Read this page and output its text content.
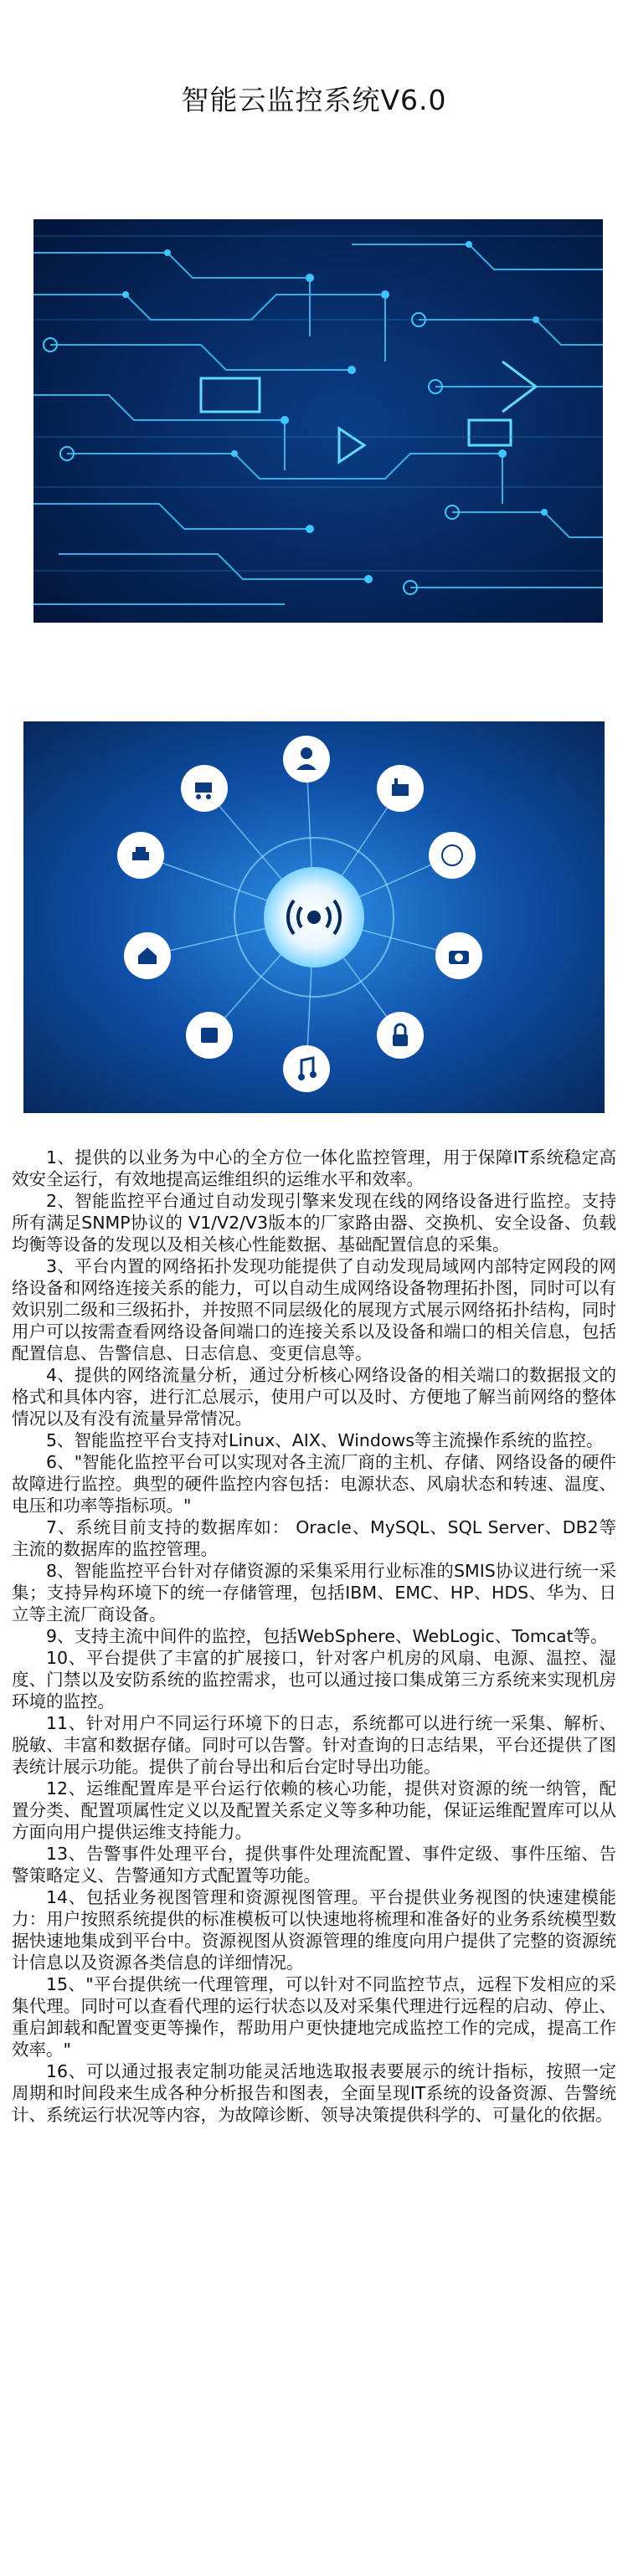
智能云监控系统V6.0

1、提供的以业务为中心的全方位一体化监控管理，用于保障IT系统稳定高效安全运行，有效地提高运维组织的运维水平和效率。

2、智能监控平台通过自动发现引擎来发现在线的网络设备进行监控。支持所有满足SNMP协议的 V1/V2/V3版本的厂家路由器、交换机、安全设备、负载均衡等设备的发现以及相关核心性能数据、基础配置信息的采集。

3、平台内置的网络拓扑发现功能提供了自动发现局域网内部特定网段的网络设备和网络连接关系的能力，可以自动生成网络设备物理拓扑图，同时可以有效识别二级和三级拓扑，并按照不同层级化的展现方式展示网络拓扑结构，同时用户可以按需查看网络设备间端口的连接关系以及设备和端口的相关信息，包括配置信息、告警信息、日志信息、变更信息等。

4、提供的网络流量分析，通过分析核心网络设备的相关端口的数据报文的格式和具体内容，进行汇总展示，使用户可以及时、方便地了解当前网络的整体情况以及有没有流量异常情况。

5、智能监控平台支持对Linux、AIX、Windows等主流操作系统的监控。

6、"智能化监控平台可以实现对各主流厂商的主机、存储、网络设备的硬件故障进行监控。典型的硬件监控内容包括：电源状态、风扇状态和转速、温度、电压和功率等指标项。"

7、系统目前支持的数据库如： Oracle、MySQL、SQL Server、DB2等主流的数据库的监控管理。

8、智能监控平台针对存储资源的采集采用行业标准的SMIS协议进行统一采集；支持异构环境下的统一存储管理，包括IBM、EMC、HP、HDS、华为、日立等主流厂商设备。

9、支持主流中间件的监控，包括WebSphere、WebLogic、Tomcat等。

10、平台提供了丰富的扩展接口，针对客户机房的风扇、电源、温控、湿度、门禁以及安防系统的监控需求，也可以通过接口集成第三方系统来实现机房环境的监控。

11、针对用户不同运行环境下的日志，系统都可以进行统一采集、解析、脱敏、丰富和数据存储。同时可以告警。针对查询的日志结果，平台还提供了图表统计展示功能。提供了前台导出和后台定时导出功能。

12、运维配置库是平台运行依赖的核心功能，提供对资源的统一纳管，配置分类、配置项属性定义以及配置关系定义等多种功能，保证运维配置库可以从方面向用户提供运维支持能力。

13、告警事件处理平台，提供事件处理流配置、事件定级、事件压缩、告警策略定义、告警通知方式配置等功能。

14、包括业务视图管理和资源视图管理。平台提供业务视图的快速建模能力：用户按照系统提供的标准模板可以快速地将梳理和准备好的业务系统模型数据快速地集成到平台中。资源视图从资源管理的维度向用户提供了完整的资源统计信息以及资源各类信息的详细情况。

15、"平台提供统一代理管理，可以针对不同监控节点，远程下发相应的采集代理。同时可以查看代理的运行状态以及对采集代理进行远程的启动、停止、重启卸载和配置变更等操作，帮助用户更快捷地完成监控工作的完成，提高工作效率。"

16、可以通过报表定制功能灵活地选取报表要展示的统计指标，按照一定周期和时间段来生成各种分析报告和图表，全面呈现IT系统的设备资源、告警统计、系统运行状况等内容，为故障诊断、领导决策提供科学的、可量化的依据。
